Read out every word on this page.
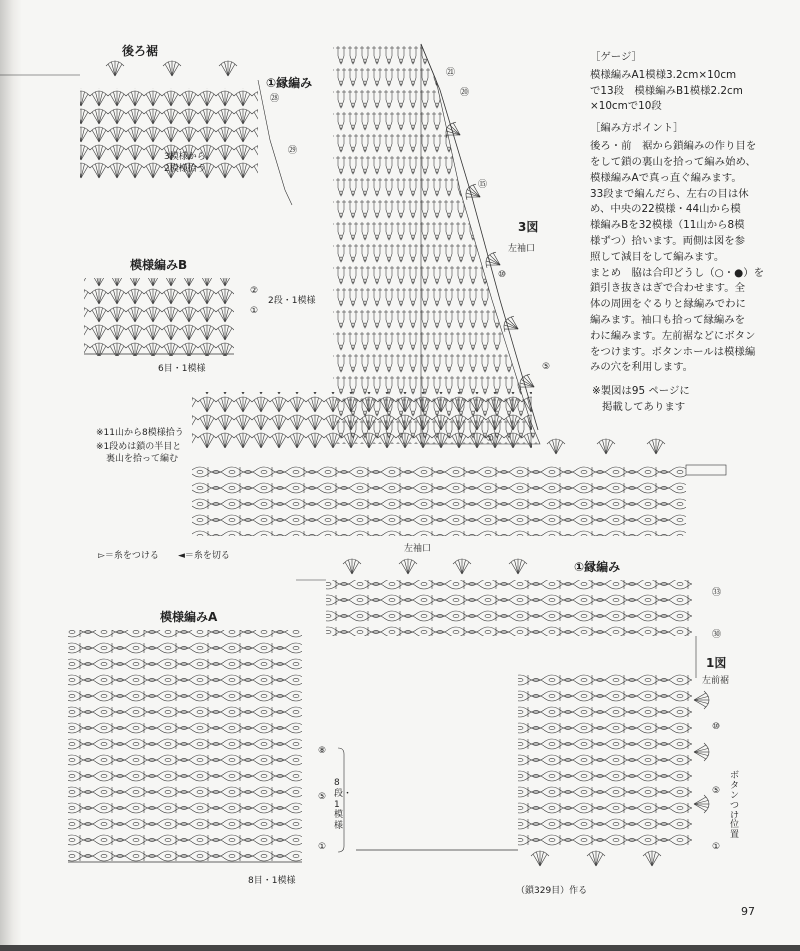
後ろ裾
①縁編み
㉘
㉙
3模様から
2模様拾う
模様編みB
②
①
2段・1模様
6目・1模様
3図
左袖口
㉑
⑳
⑮
⑩
⑤
①
※11山から8模様拾う
※1段めは鎖の半目と
裏山を拾って編む
▻＝糸をつける ◄＝糸を切る
左袖口
①縁編み
模様編みA
⑧
⑤
①
8段・1模様
8目・1模様
1図
左前裾
㉝
㉚
⑩
⑤
①
ボタンつけ位置
（鎖329目）作る

［ゲージ］

模様編みA1模様3.2cm×10cm

で13段　模様編みB1模様2.2cm

×10cmで10段

［編み方ポイント］

後ろ・前　裾から鎖編みの作り目を

をして鎖の裏山を拾って編み始め、

模様編みAで真っ直ぐ編みます。

33段まで編んだら、左右の目は休

め、中央の22模様・44山から模

様編みBを32模様（11山から8模

様ずつ）拾います。両側は図を参

照して減目をして編みます。

まとめ　脇は合印どうし（○・●）を

鎖引き抜きはぎで合わせます。全

体の周囲をぐるりと縁編みでわに

編みます。袖口も拾って縁編みを

わに編みます。左前裾などにボタン

をつけます。ボタンホールは模様編

みの穴を利用します。

※製図は95 ページに

掲載してあります

97
